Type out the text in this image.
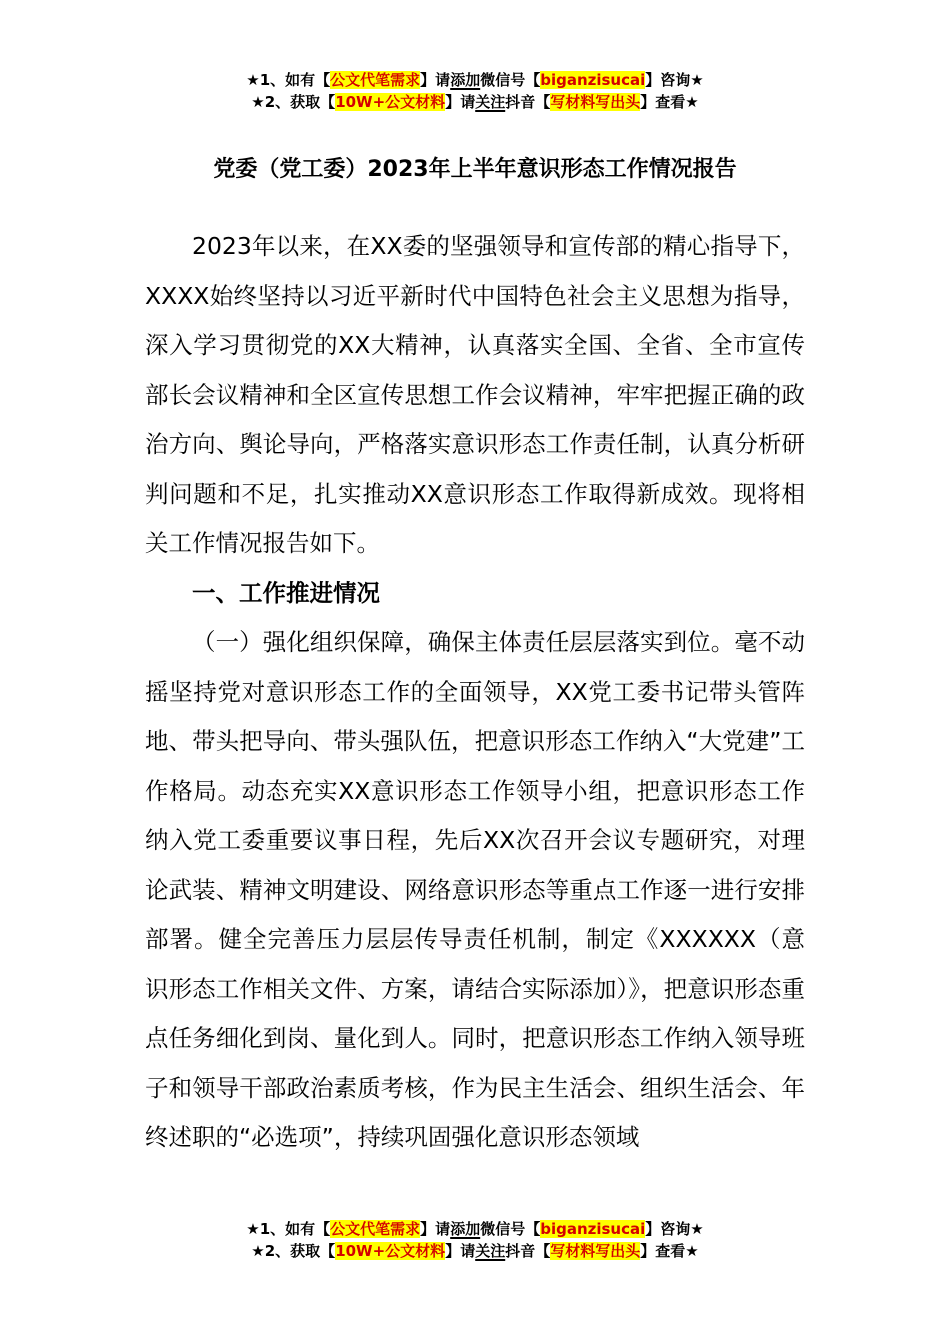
★1、如有【公文代笔需求】请添加微信号【biganzisucai】咨询★
★2、获取【10W+公文材料】请关注抖音【写材料写出头】查看★
党委（党工委）2023年上半年意识形态工作情况报告

2023年以来，在XX委的坚强领导和宣传部的精心指导下，XXXX始终坚持以习近平新时代中国特色社会主义思想为指导，深入学习贯彻党的XX大精神，认真落实全国、全省、全市宣传部长会议精神和全区宣传思想工作会议精神，牢牢把握正确的政治方向、舆论导向，严格落实意识形态工作责任制，认真分析研判问题和不足，扎实推动XX意识形态工作取得新成效。现将相关工作情况报告如下。

一、工作推进情况

（一）强化组织保障，确保主体责任层层落实到位。毫不动摇坚持党对意识形态工作的全面领导，XX党工委书记带头管阵地、带头把导向、带头强队伍，把意识形态工作纳入“大党建”工作格局。动态充实XX意识形态工作领导小组，把意识形态工作纳入党工委重要议事日程，先后XX次召开会议专题研究，对理论武装、精神文明建设、网络意识形态等重点工作逐一进行安排部署。健全完善压力层层传导责任机制，制定《XXXXXX（意识形态工作相关文件、方案，请结合实际添加）》，把意识形态重点任务细化到岗、量化到人。同时，把意识形态工作纳入领导班子和领导干部政治素质考核，作为民主生活会、组织生活会、年终述职的“必选项”，持续巩固强化意识形态领域

★1、如有【公文代笔需求】请添加微信号【biganzisucai】咨询★
★2、获取【10W+公文材料】请关注抖音【写材料写出头】查看★
